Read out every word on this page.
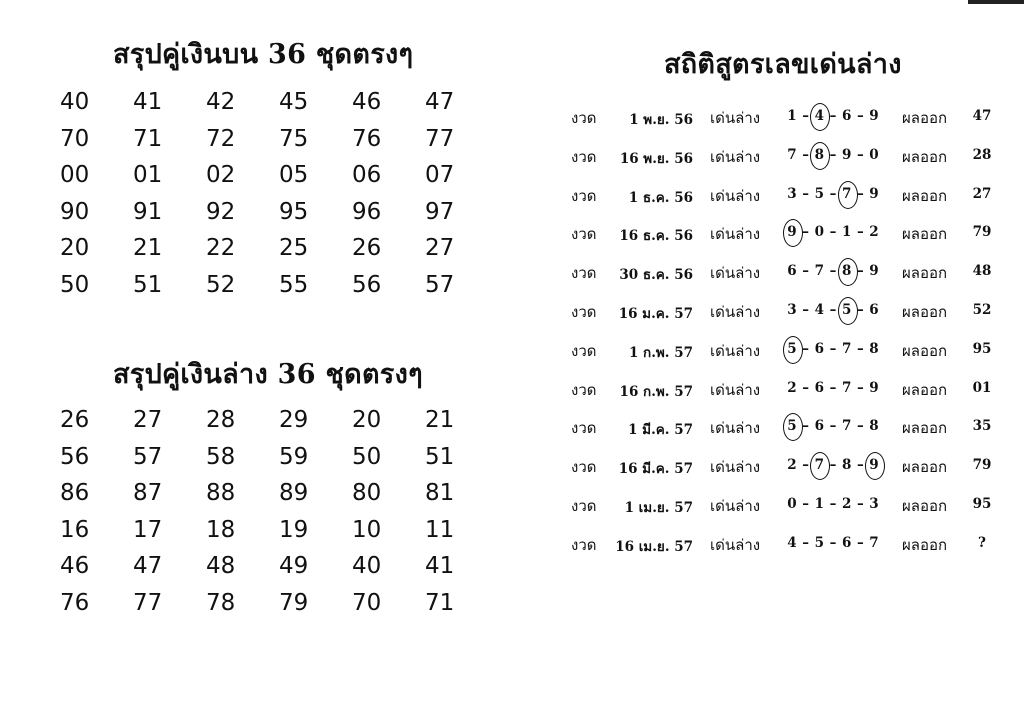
สรุปคู่เงินบน 36 ชุดตรงๆ
40	41	42	45	46	47
70	71	72	75	76	77
00	01	02	05	06	07
90	91	92	95	96	97
20	21	22	25	26	27
50	51	52	55	56	57
สรุปคู่เงินล่าง 36 ชุดตรงๆ
26	27	28	29	20	21
56	57	58	59	50	51
86	87	88	89	80	81
16	17	18	19	10	11
46	47	48	49	40	41
76	77	78	79	70	71
สถิติสูตรเลขเด่นล่าง
งวด	1 พ.ย. 56 เด่นล่าง 1 – 4 – 6 – 9 ผลออก	47
งวด	16 พ.ย. 56 เด่นล่าง 7 – 8 – 9 – 0 ผลออก	28
งวด	1 ธ.ค. 56 เด่นล่าง 3 – 5 – 7 – 9 ผลออก	27
งวด	16 ธ.ค. 56 เด่นล่าง 9 – 0 – 1 – 2 ผลออก	79
งวด	30 ธ.ค. 56 เด่นล่าง 6 – 7 – 8 – 9 ผลออก	48
งวด	16 ม.ค. 57 เด่นล่าง 3 – 4 – 5 – 6 ผลออก	52
งวด	1 ก.พ. 57 เด่นล่าง 5 – 6 – 7 – 8 ผลออก	95
งวด	16 ก.พ. 57 เด่นล่าง 2 – 6 – 7 – 9 ผลออก	01
งวด	1 มี.ค. 57 เด่นล่าง 5 – 6 – 7 – 8 ผลออก	35
งวด	16 มี.ค. 57 เด่นล่าง 2 – 7 – 8 – 9 ผลออก	79
งวด	1 เม.ย. 57 เด่นล่าง 0 – 1 – 2 – 3 ผลออก	95
งวด	16 เม.ย. 57 เด่นล่าง 4 – 5 – 6 – 7 ผลออก	?
